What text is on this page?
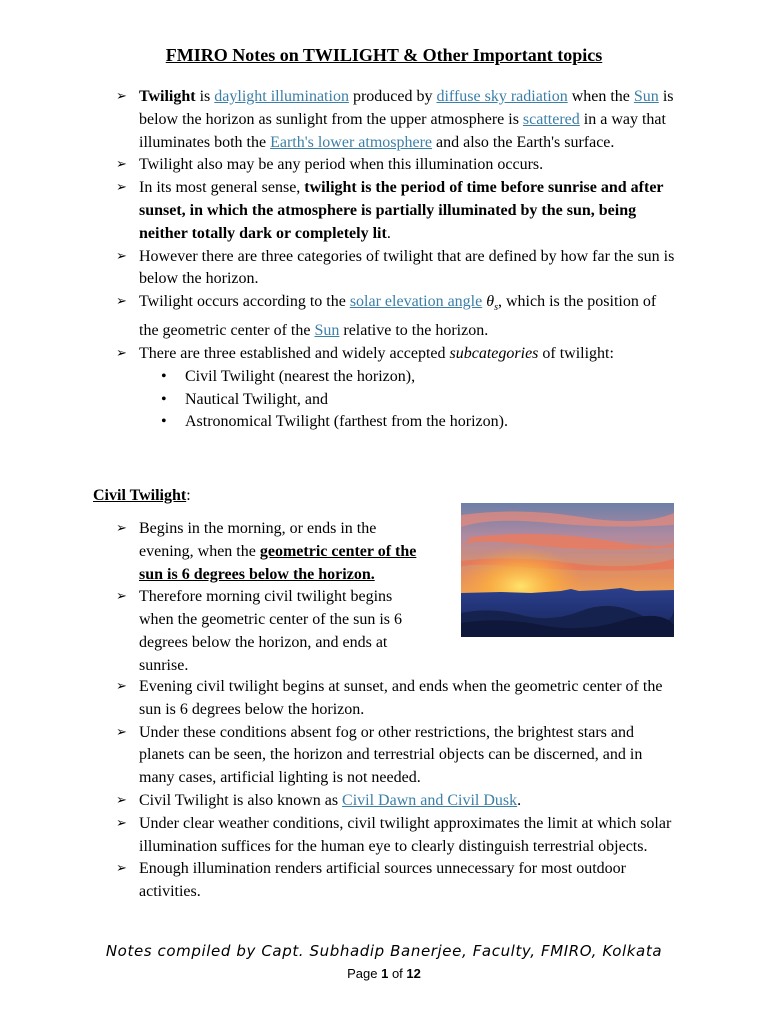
FMIRO Notes on TWILIGHT & Other Important topics
➢ Twilight is daylight illumination produced by diffuse sky radiation when the Sun is below the horizon as sunlight from the upper atmosphere is scattered in a way that illuminates both the Earth's lower atmosphere and also the Earth's surface.
➢ Twilight also may be any period when this illumination occurs.
➢ In its most general sense, twilight is the period of time before sunrise and after sunset, in which the atmosphere is partially illuminated by the sun, being neither totally dark or completely lit.
➢ However there are three categories of twilight that are defined by how far the sun is below the horizon.
➢ Twilight occurs according to the solar elevation angle $\theta_s$, which is the position of the geometric center of the Sun relative to the horizon.
➢ There are three established and widely accepted subcategories of twilight:
• Civil Twilight (nearest the horizon),
• Nautical Twilight, and
• Astronomical Twilight (farthest from the horizon).
Civil Twilight:
➢ Begins in the morning, or ends in the evening, when the geometric center of the sun is 6 degrees below the horizon.
➢ Therefore morning civil twilight begins when the geometric center of the sun is 6 degrees below the horizon, and ends at sunrise.
➢ Evening civil twilight begins at sunset, and ends when the geometric center of the sun is 6 degrees below the horizon.
➢ Under these conditions absent fog or other restrictions, the brightest stars and planets can be seen, the horizon and terrestrial objects can be discerned, and in many cases, artificial lighting is not needed.
➢ Civil Twilight is also known as Civil Dawn and Civil Dusk.
➢ Under clear weather conditions, civil twilight approximates the limit at which solar illumination suffices for the human eye to clearly distinguish terrestrial objects.
➢ Enough illumination renders artificial sources unnecessary for most outdoor activities.
Notes compiled by Capt. Subhadip Banerjee, Faculty, FMIRO, Kolkata
Page 1 of 12
